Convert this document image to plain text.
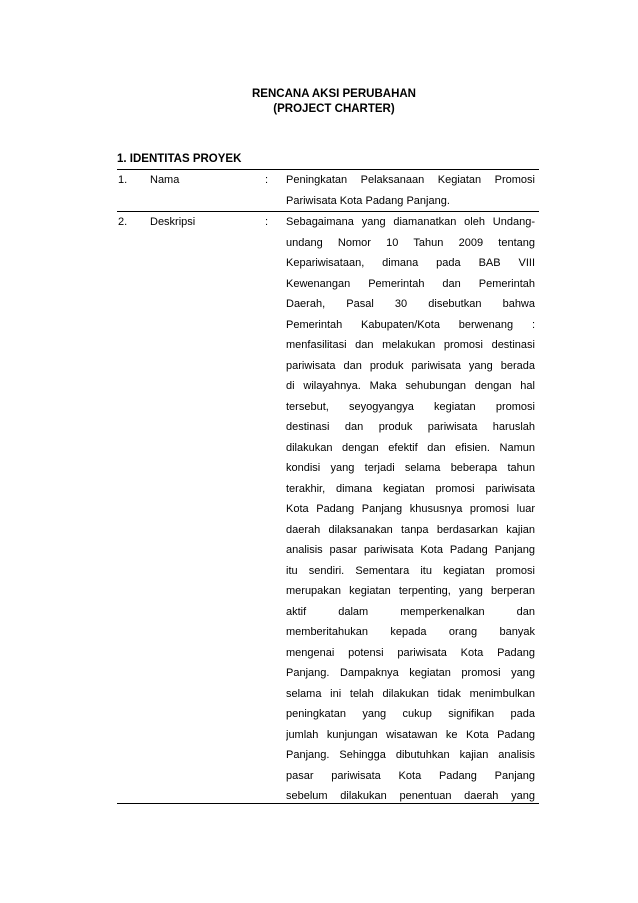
RENCANA AKSI PERUBAHAN
(PROJECT CHARTER)
1. IDENTITAS PROYEK
1. Nama	: Peningkatan Pelaksanaan Kegiatan Promosi
Pariwisata Kota Padang Panjang.
2. Deskripsi	: Sebagaimana yang diamanatkan oleh Undang-
undang Nomor 10 Tahun 2009 tentang
Kepariwisataan, dimana pada BAB VIII
Kewenangan Pemerintah dan Pemerintah
Daerah, Pasal 30 disebutkan bahwa
Pemerintah Kabupaten/Kota berwenang :
menfasilitasi dan melakukan promosi destinasi
pariwisata dan produk pariwisata yang berada
di wilayahnya. Maka sehubungan dengan hal
tersebut, seyogyangya kegiatan promosi
destinasi dan produk pariwisata haruslah
dilakukan dengan efektif dan efisien. Namun
kondisi yang terjadi selama beberapa tahun
terakhir, dimana kegiatan promosi pariwisata
Kota Padang Panjang khususnya promosi luar
daerah dilaksanakan tanpa berdasarkan kajian
analisis pasar pariwisata Kota Padang Panjang
itu sendiri. Sementara itu kegiatan promosi
merupakan kegiatan terpenting, yang berperan
aktif dalam memperkenalkan dan
memberitahukan kepada orang banyak
mengenai potensi pariwisata Kota Padang
Panjang. Dampaknya kegiatan promosi yang
selama ini telah dilakukan tidak menimbulkan
peningkatan yang cukup signifikan pada
jumlah kunjungan wisatawan ke Kota Padang
Panjang. Sehingga dibutuhkan kajian analisis
pasar pariwisata Kota Padang Panjang
sebelum dilakukan penentuan daerah yang
